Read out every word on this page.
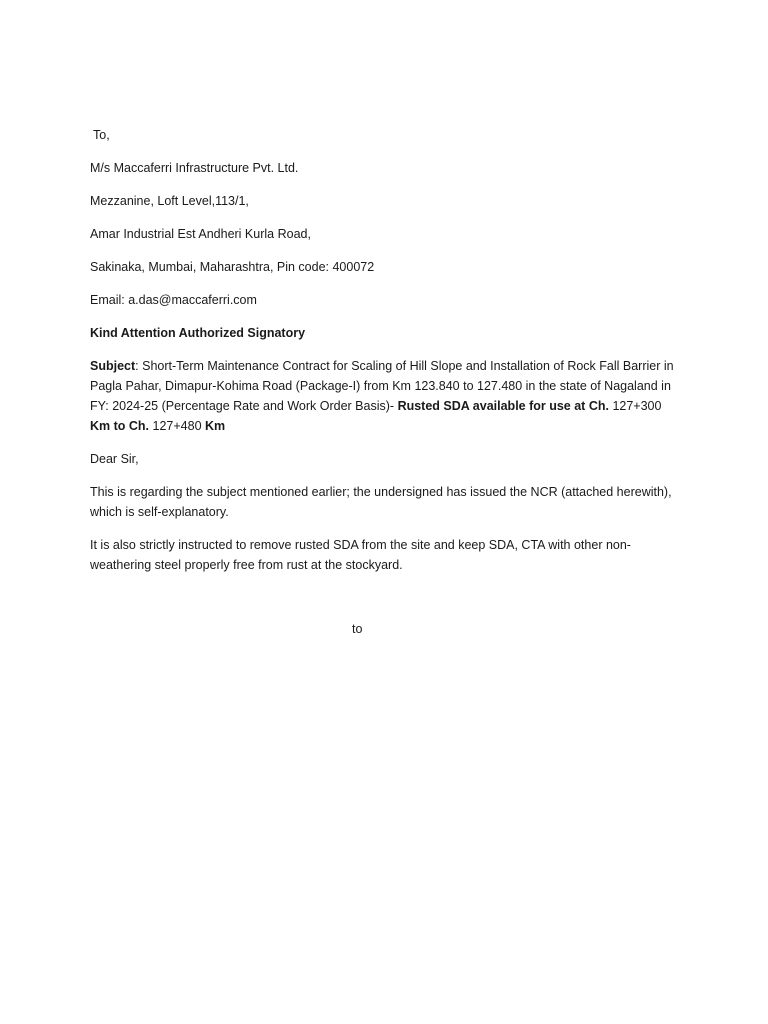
To,

M/s Maccaferri Infrastructure Pvt. Ltd.

Mezzanine, Loft Level,113/1,

Amar Industrial Est Andheri Kurla Road,

Sakinaka, Mumbai, Maharashtra, Pin code: 400072

Email: a.das@maccaferri.com

Kind Attention Authorized Signatory

Subject: Short-Term Maintenance Contract for Scaling of Hill Slope and Installation of Rock Fall Barrier in Pagla Pahar, Dimapur-Kohima Road (Package-I) from Km 123.840 to 127.480 in the state of Nagaland in FY: 2024-25 (Percentage Rate and Work Order Basis)- Rusted SDA available for use at Ch. 127+300 Km to Ch. 127+480 Km

Dear Sir,

This is regarding the subject mentioned earlier; the undersigned has issued the NCR (attached herewith), which is self-explanatory.

It is also strictly instructed to remove rusted SDA from the site and keep SDA, CTA with other non-weathering steel properly free from rust at the stockyard.

to
